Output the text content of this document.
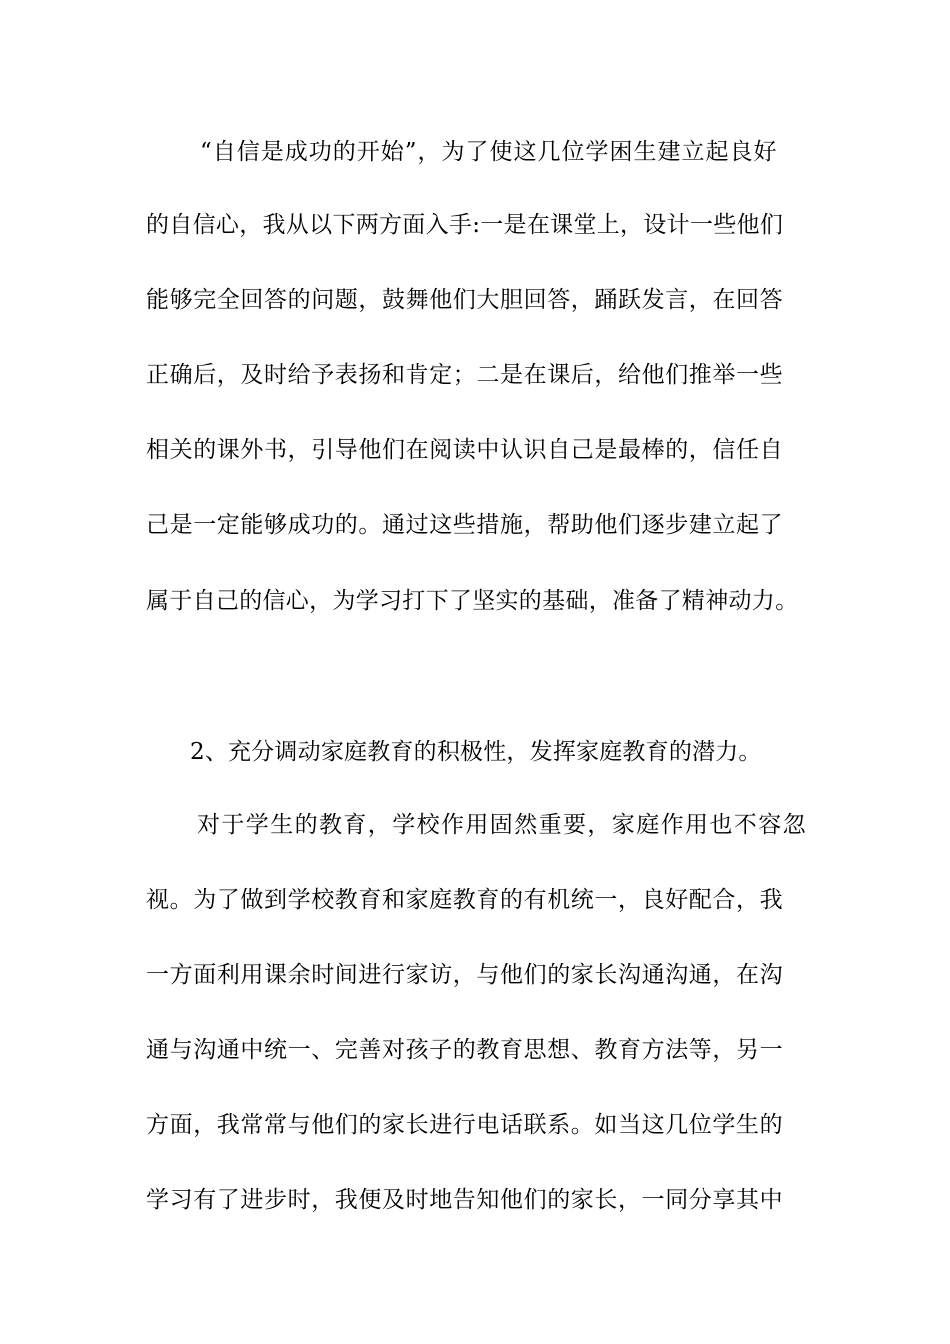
“自信是成功的开始”，为了使这几位学困生建立起良好
的自信心，我从以下两方面入手:一是在课堂上，设计一些他们
能够完全回答的问题，鼓舞他们大胆回答，踊跃发言，在回答
正确后，及时给予表扬和肯定；二是在课后，给他们推举一些
相关的课外书，引导他们在阅读中认识自己是最棒的，信任自
己是一定能够成功的。通过这些措施，帮助他们逐步建立起了
属于自己的信心，为学习打下了坚实的基础，准备了精神动力。
2、充分调动家庭教育的积极性，发挥家庭教育的潜力。
对于学生的教育，学校作用固然重要，家庭作用也不容忽
视。为了做到学校教育和家庭教育的有机统一，良好配合，我
一方面利用课余时间进行家访，与他们的家长沟通沟通，在沟
通与沟通中统一、完善对孩子的教育思想、教育方法等，另一
方面，我常常与他们的家长进行电话联系。如当这几位学生的
学习有了进步时，我便及时地告知他们的家长，一同分享其中
